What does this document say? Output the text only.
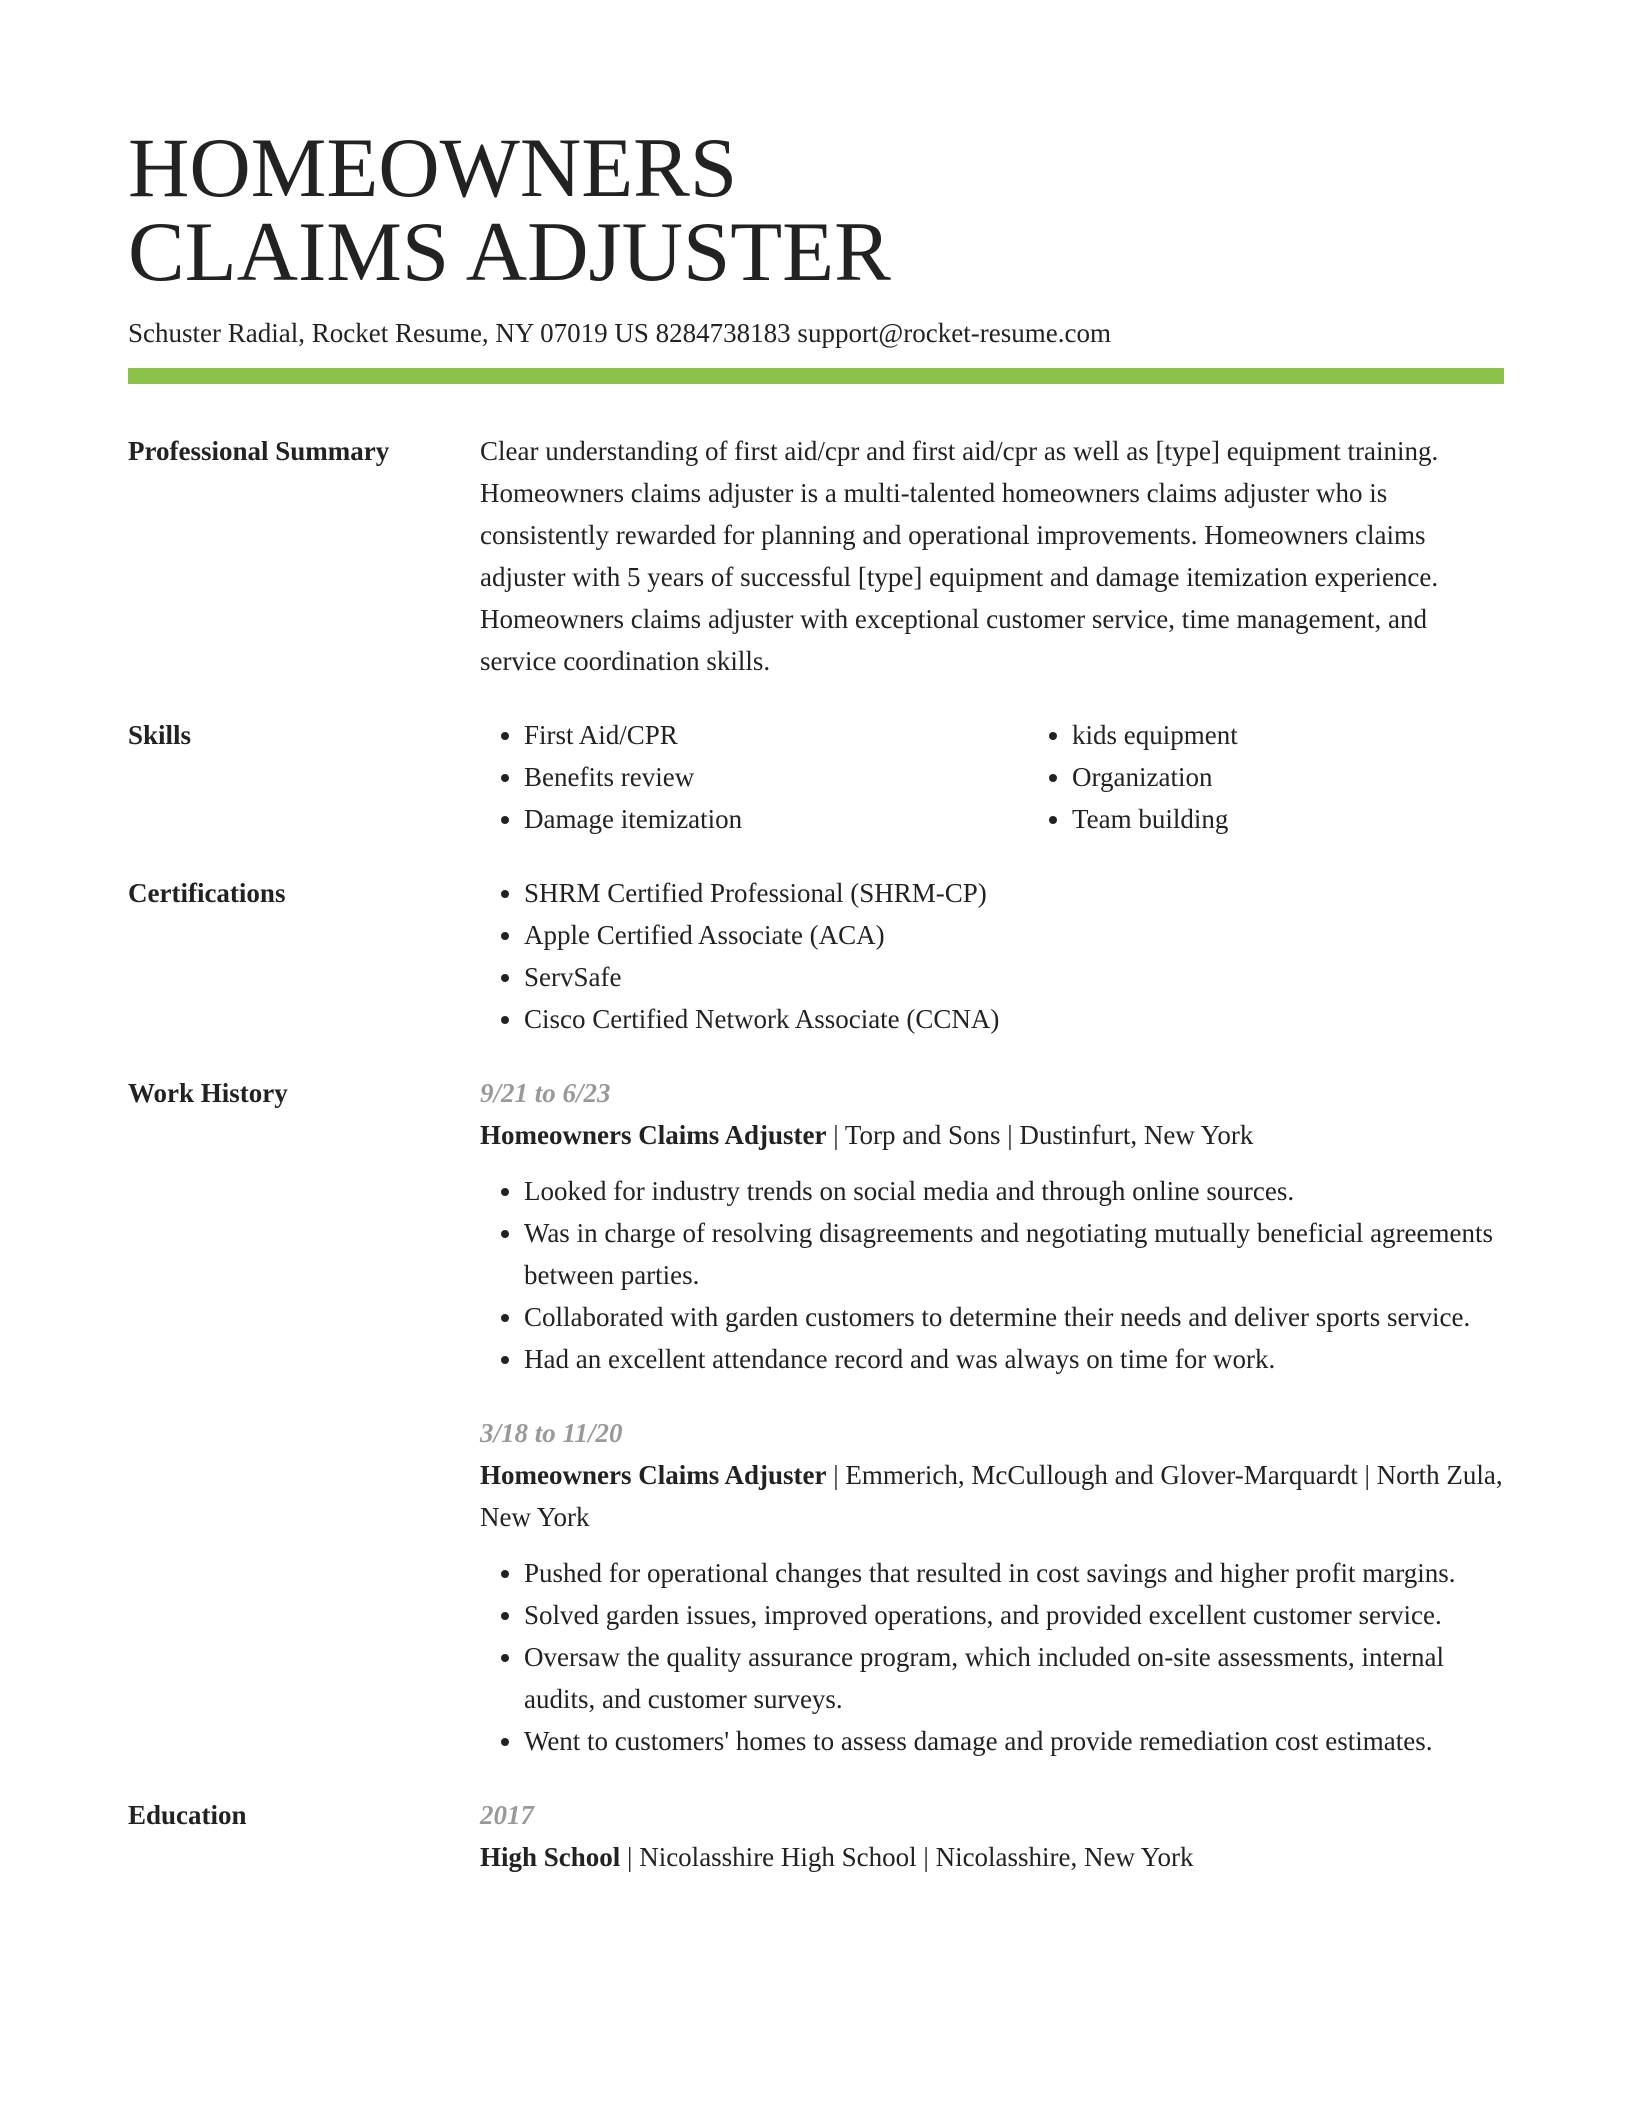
HOMEOWNERS
CLAIMS ADJUSTER
Schuster Radial, Rocket Resume, NY 07019 US 8284738183 support@rocket-resume.com
Professional Summary	Clear understanding of first aid/cpr and first aid/cpr as well as [type] equipment training. Homeowners claims adjuster is a multi-talented homeowners claims adjuster who is consistently rewarded for planning and operational improvements. Homeowners claims adjuster with 5 years of successful [type] equipment and damage itemization experience. Homeowners claims adjuster with exceptional customer service, time management, and service coordination skills.
Skills	• First Aid/CPR
• Benefits review
• Damage itemization
• kids equipment
• Organization
• Team building
Certifications	• SHRM Certified Professional (SHRM-CP)
• Apple Certified Associate (ACA)
• ServSafe
• Cisco Certified Network Associate (CCNA)
Work History	9/21 to 6/23
Homeowners Claims Adjuster | Torp and Sons | Dustinfurt, New York
• Looked for industry trends on social media and through online sources.
• Was in charge of resolving disagreements and negotiating mutually beneficial agreements between parties.
• Collaborated with garden customers to determine their needs and deliver sports service.
• Had an excellent attendance record and was always on time for work.
3/18 to 11/20
Homeowners Claims Adjuster | Emmerich, McCullough and Glover-Marquardt | North Zula, New York
• Pushed for operational changes that resulted in cost savings and higher profit margins.
• Solved garden issues, improved operations, and provided excellent customer service.
• Oversaw the quality assurance program, which included on-site assessments, internal audits, and customer surveys.
• Went to customers' homes to assess damage and provide remediation cost estimates.
Education	2017
High School | Nicolasshire High School | Nicolasshire, New York
